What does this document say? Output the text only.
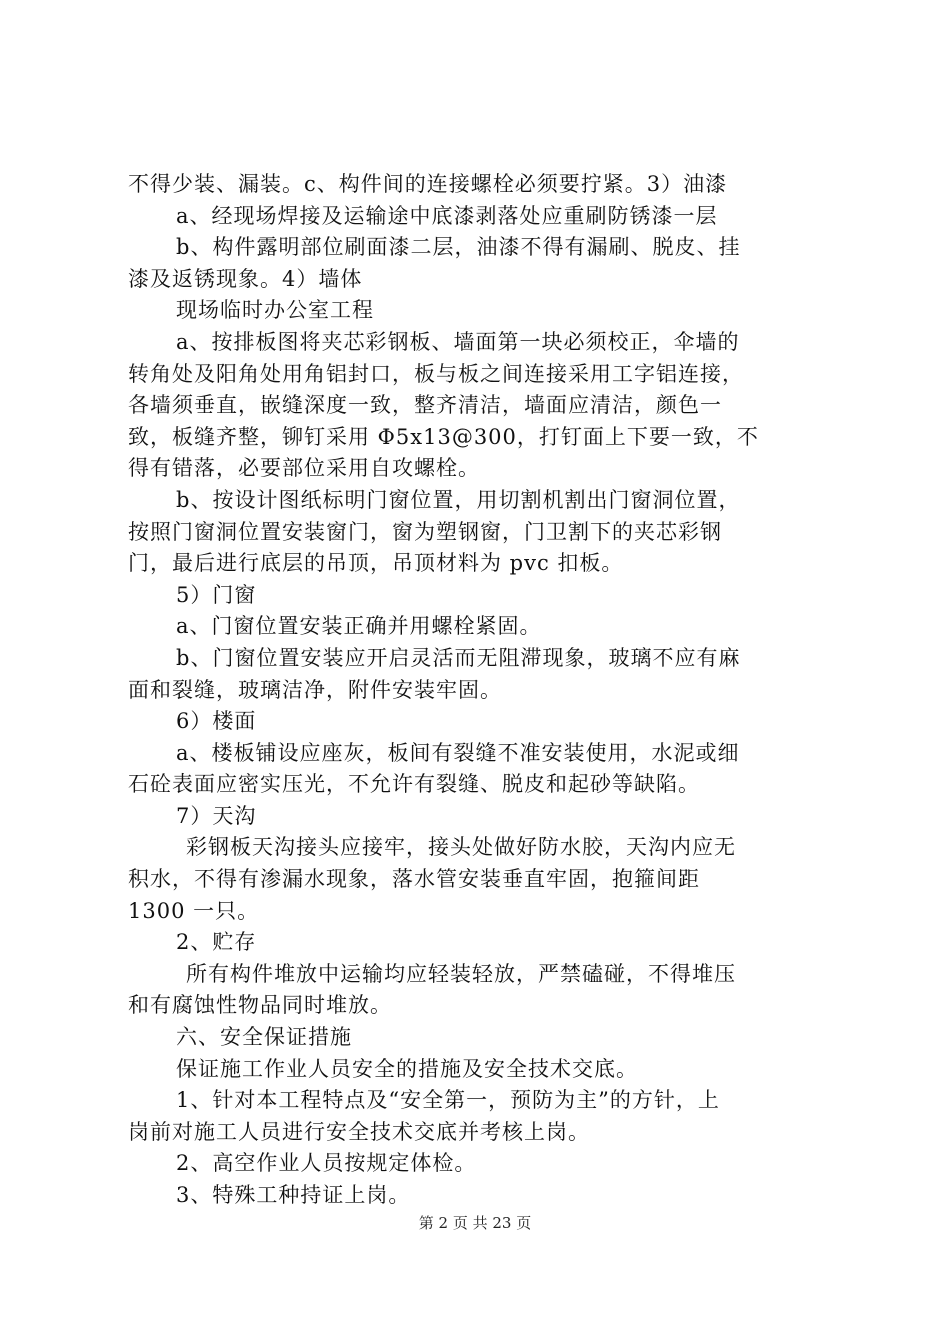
不得少装、漏装。c、构件间的连接螺栓必须要拧紧。3）油漆
a、经现场焊接及运输途中底漆剥落处应重刷防锈漆一层
b、构件露明部位刷面漆二层，油漆不得有漏刷、脱皮、挂
漆及返锈现象。4）墙体
现场临时办公室工程
a、按排板图将夹芯彩钢板、墙面第一块必须校正，伞墙的
转角处及阳角处用角铝封口，板与板之间连接采用工字铝连接，
各墙须垂直，嵌缝深度一致，整齐清洁，墙面应清洁，颜色一
致，板缝齐整，铆钉采用 Φ5x13@300，打钉面上下要一致，不
得有错落，必要部位采用自攻螺栓。
b、按设计图纸标明门窗位置，用切割机割出门窗洞位置，
按照门窗洞位置安装窗门，窗为塑钢窗，门卫割下的夹芯彩钢
门，最后进行底层的吊顶，吊顶材料为 pvc 扣板。
5）门窗
a、门窗位置安装正确并用螺栓紧固。
b、门窗位置安装应开启灵活而无阻滞现象，玻璃不应有麻
面和裂缝，玻璃洁净，附件安装牢固。
6）楼面
a、楼板铺设应座灰，板间有裂缝不准安装使用，水泥或细
石砼表面应密实压光，不允许有裂缝、脱皮和起砂等缺陷。
7）天沟
彩钢板天沟接头应接牢，接头处做好防水胶，天沟内应无
积水，不得有渗漏水现象，落水管安装垂直牢固，抱箍间距
1300 一只。
2、贮存
所有构件堆放中运输均应轻装轻放，严禁磕碰，不得堆压
和有腐蚀性物品同时堆放。
六、安全保证措施
保证施工作业人员安全的措施及安全技术交底。
1、针对本工程特点及“安全第一，预防为主”的方针，上
岗前对施工人员进行安全技术交底并考核上岗。
2、高空作业人员按规定体检。
3、特殊工种持证上岗。
第 2 页 共 23 页
